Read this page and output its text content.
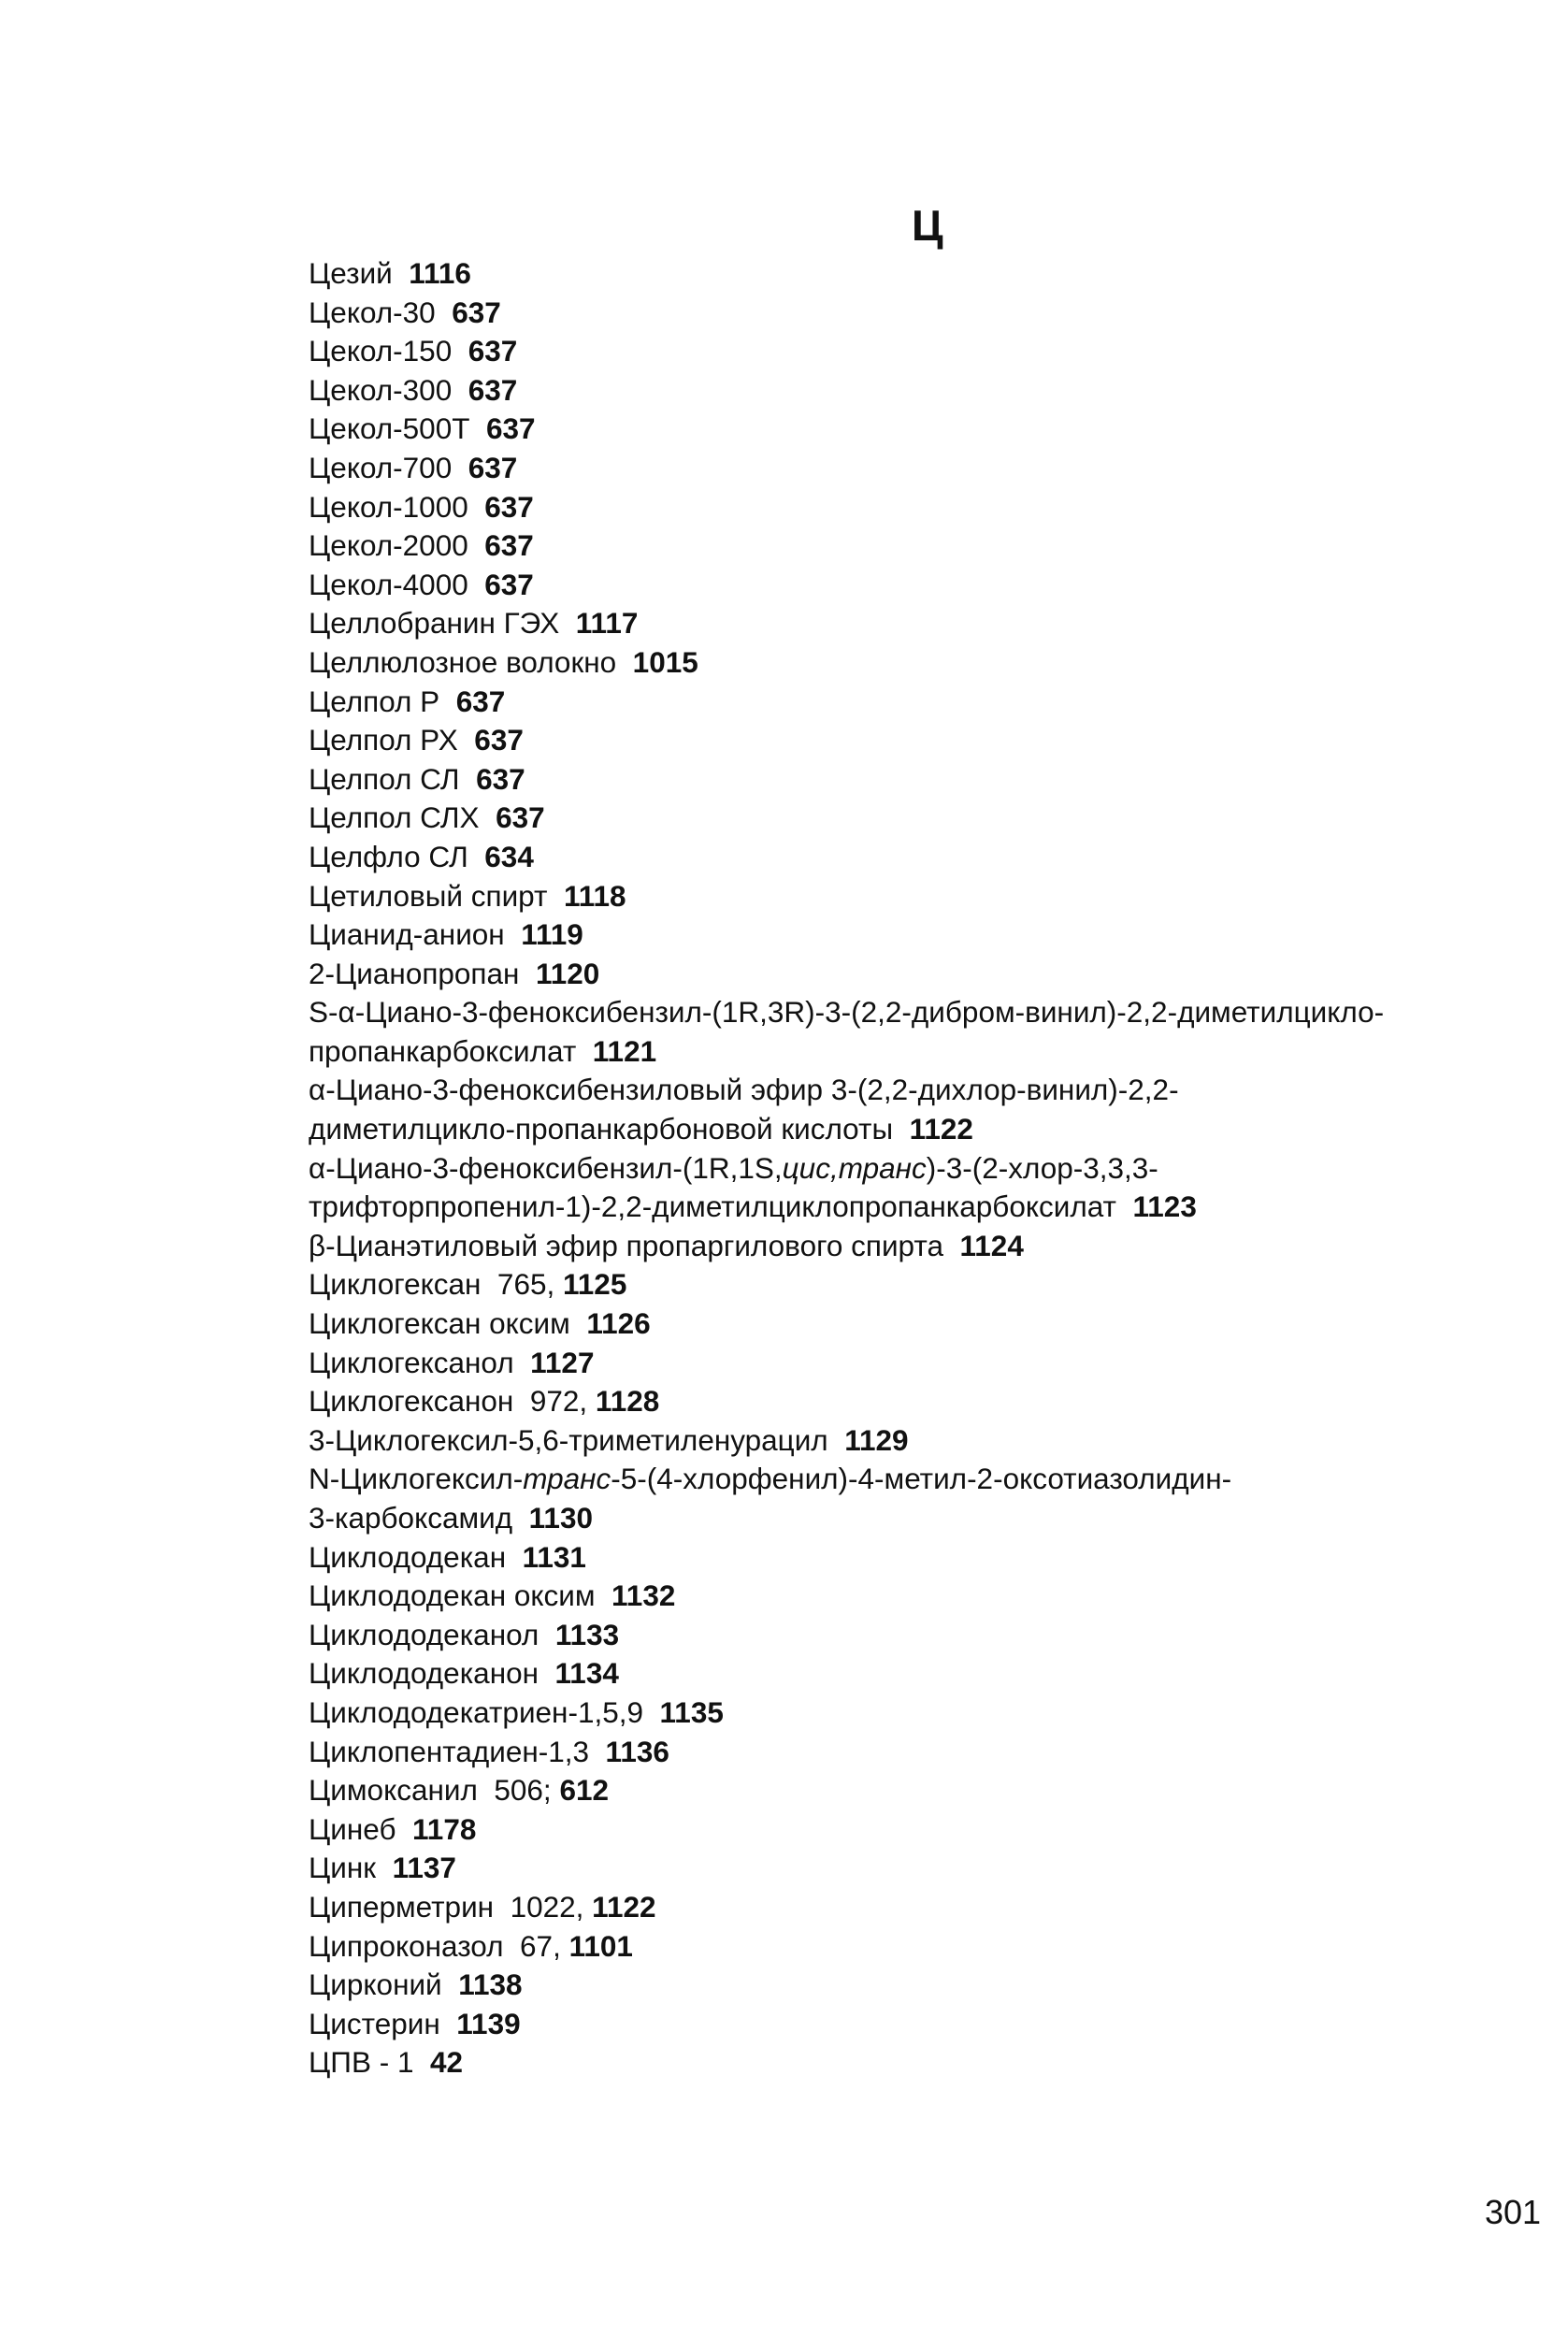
Ц
Цезий 1116
Цекол-30 637
Цекол-150 637
Цекол-300 637
Цекол-500Т 637
Цекол-700 637
Цекол-1000 637
Цекол-2000 637
Цекол-4000 637
Целлобранин ГЭХ 1117
Целлюлозное волокно 1015
Целпол Р 637
Целпол РХ 637
Целпол СЛ 637
Целпол СЛХ 637
Целфло СЛ 634
Цетиловый спирт 1118
Цианид-анион 1119
2-Цианопропан 1120
S-α-Циано-3-феноксибензил-(1R,3R)-3-(2,2-дибром-винил)-2,2-диметилцикло-
пропанкарбоксилат 1121
α-Циано-3-феноксибензиловый эфир 3-(2,2-дихлор-винил)-2,2-
диметилцикло-пропанкарбоновой кислоты 1122
α-Циано-3-феноксибензил-(1R,1S,цис,транс)-3-(2-хлор-3,3,3-
трифторпропенил-1)-2,2-диметилциклопропанкарбоксилат 1123
β-Цианэтиловый эфир пропаргилового спирта 1124
Циклогексан 765, 1125
Циклогексан оксим 1126
Циклогексанол 1127
Циклогексанон 972, 1128
3-Циклогексил-5,6-триметиленурацил 1129
N-Циклогексил-транс-5-(4-хлорфенил)-4-метил-2-оксотиазолидин-
3-карбоксамид 1130
Циклододекан 1131
Циклододекан оксим 1132
Циклододеканол 1133
Циклододеканон 1134
Циклододекатриен-1,5,9 1135
Циклопентадиен-1,3 1136
Цимоксанил 506; 612
Цинеб 1178
Цинк 1137
Циперметрин 1022, 1122
Ципроконазол 67, 1101
Цирконий 1138
Цистерин 1139
ЦПВ - 1 42
301
